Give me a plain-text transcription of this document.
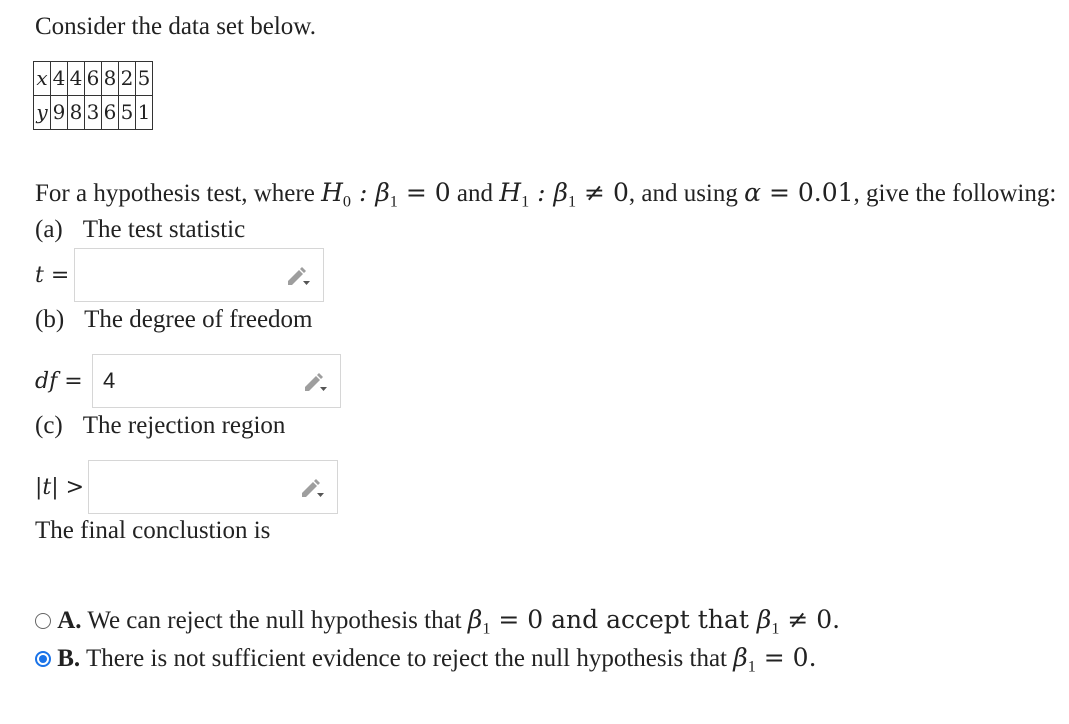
Consider the data set below.
x	4	4	6	8	2	5
y	9	8	3	6	5	1
For a hypothesis test, where $H_0$ : $\beta_1 = 0$ and $H_1$ : $\beta_1 \ne 0$, and using α = 0.01, give the following:
(a) The test statistic
t =
(b) The degree of freedom
df = 4
(c) The rejection region
|t| >
The final conclustion is
A. We can reject the null hypothesis that $\beta_1 = 0$ and accept that $\beta_1 \ne 0$.
B. There is not sufficient evidence to reject the null hypothesis that $\beta_1 = 0$.
